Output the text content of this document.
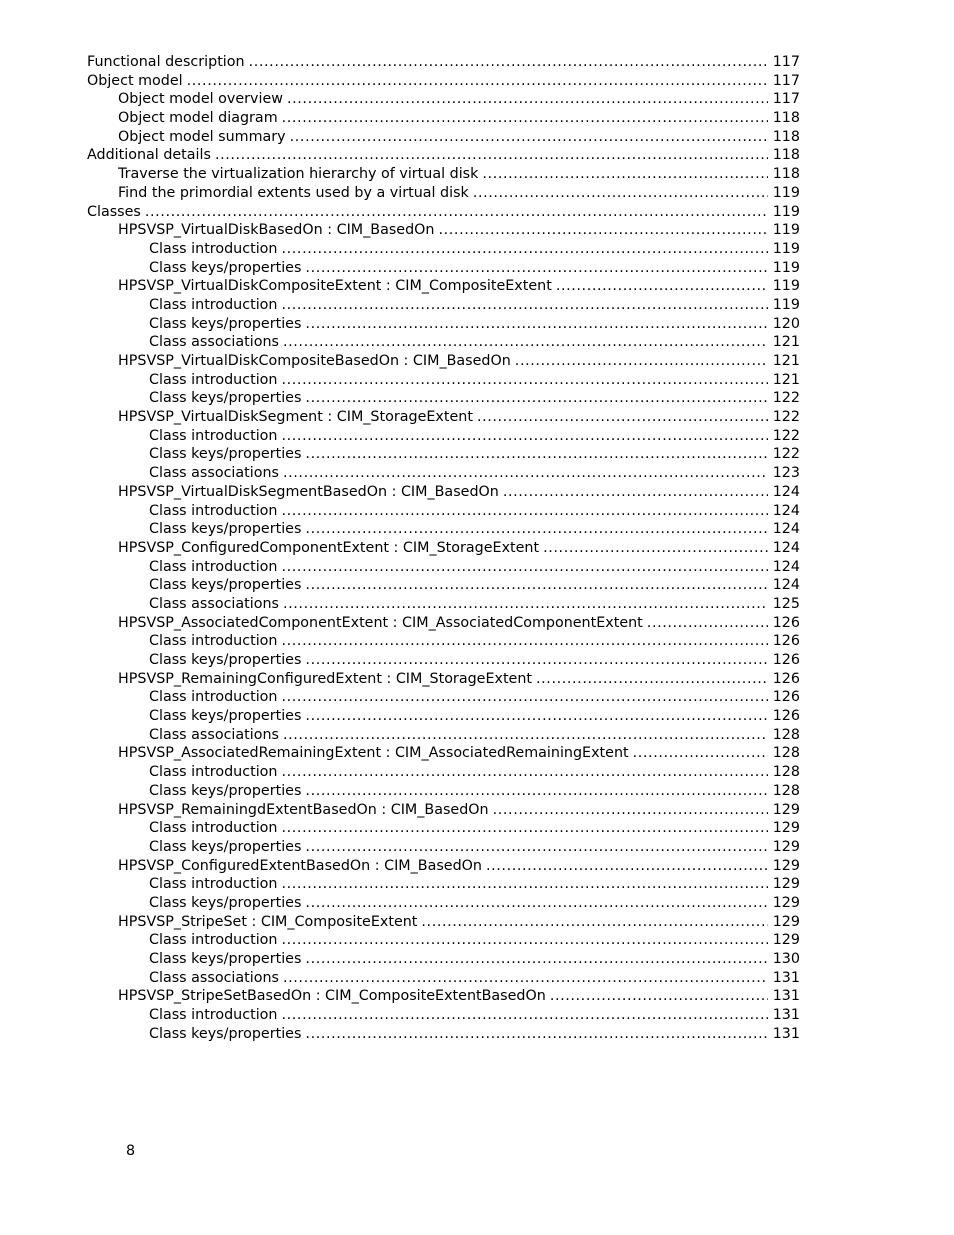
Functional description .....	117
Object model .....	117
Object model overview .....	117
Object model diagram .....	118
Object model summary .....	118
Additional details .....	118
Traverse the virtualization hierarchy of virtual disk .....	118
Find the primordial extents used by a virtual disk .....	119
Classes .....	119
HPSVSP_VirtualDiskBasedOn : CIM_BasedOn .....	119
Class introduction .....	119
Class keys/properties .....	119
HPSVSP_VirtualDiskCompositeExtent : CIM_CompositeExtent .....	119
Class introduction .....	119
Class keys/properties .....	120
Class associations .....	121
HPSVSP_VirtualDiskCompositeBasedOn : CIM_BasedOn .....	121
Class introduction .....	121
Class keys/properties .....	122
HPSVSP_VirtualDiskSegment : CIM_StorageExtent .....	122
Class introduction .....	122
Class keys/properties .....	122
Class associations .....	123
HPSVSP_VirtualDiskSegmentBasedOn : CIM_BasedOn .....	124
Class introduction .....	124
Class keys/properties .....	124
HPSVSP_ConfiguredComponentExtent : CIM_StorageExtent .....	124
Class introduction .....	124
Class keys/properties .....	124
Class associations .....	125
HPSVSP_AssociatedComponentExtent : CIM_AssociatedComponentExtent .....	126
Class introduction .....	126
Class keys/properties .....	126
HPSVSP_RemainingConfiguredExtent : CIM_StorageExtent .....	126
Class introduction .....	126
Class keys/properties .....	126
Class associations .....	128
HPSVSP_AssociatedRemainingExtent : CIM_AssociatedRemainingExtent .....	128
Class introduction .....	128
Class keys/properties .....	128
HPSVSP_RemainingdExtentBasedOn : CIM_BasedOn .....	129
Class introduction .....	129
Class keys/properties .....	129
HPSVSP_ConfiguredExtentBasedOn : CIM_BasedOn .....	129
Class introduction .....	129
Class keys/properties .....	129
HPSVSP_StripeSet : CIM_CompositeExtent .....	129
Class introduction .....	129
Class keys/properties .....	130
Class associations .....	131
HPSVSP_StripeSetBasedOn : CIM_CompositeExtentBasedOn .....	131
Class introduction .....	131
Class keys/properties .....	131
8
